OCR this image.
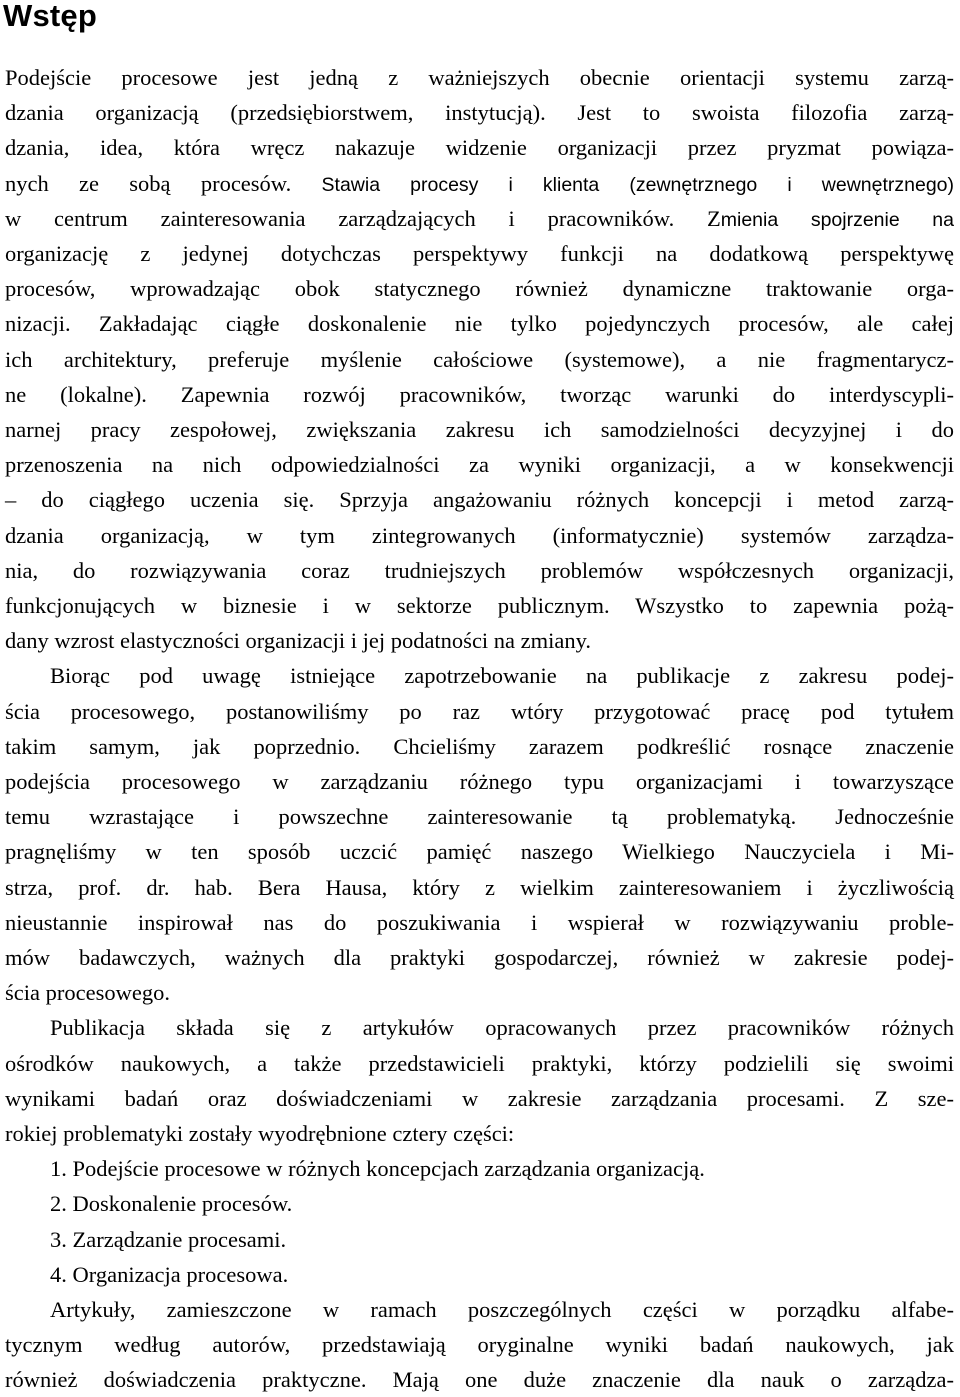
Wstęp
Podejście procesowe jest jedną z ważniejszych obecnie orientacji systemu zarzą-
dzania organizacją (przedsiębiorstwem, instytucją). Jest to swoista filozofia zarzą-
dzania, idea, która wręcz nakazuje widzenie organizacji przez pryzmat powiąza-
nych ze sobą procesów. Stawia procesy i klienta (zewnętrznego i wewnętrznego)
w centrum zainteresowania zarządzających i pracowników. Zmienia spojrzenie na
organizację z jedynej dotychczas perspektywy funkcji na dodatkową perspektywę
procesów, wprowadzając obok statycznego również dynamiczne traktowanie orga-
nizacji. Zakładając ciągłe doskonalenie nie tylko pojedynczych procesów, ale całej
ich architektury, preferuje myślenie całościowe (systemowe), a nie fragmentarycz-
ne (lokalne). Zapewnia rozwój pracowników, tworząc warunki do interdyscypli-
narnej pracy zespołowej, zwiększania zakresu ich samodzielności decyzyjnej i do
przenoszenia na nich odpowiedzialności za wyniki organizacji, a w konsekwencji
– do ciągłego uczenia się. Sprzyja angażowaniu różnych koncepcji i metod zarzą-
dzania organizacją, w tym zintegrowanych (informatycznie) systemów zarządza-
nia, do rozwiązywania coraz trudniejszych problemów współczesnych organizacji,
funkcjonujących w biznesie i w sektorze publicznym. Wszystko to zapewnia pożą-
dany wzrost elastyczności organizacji i jej podatności na zmiany.
Biorąc pod uwagę istniejące zapotrzebowanie na publikacje z zakresu podej-
ścia procesowego, postanowiliśmy po raz wtóry przygotować pracę pod tytułem
takim samym, jak poprzednio. Chcieliśmy zarazem podkreślić rosnące znaczenie
podejścia procesowego w zarządzaniu różnego typu organizacjami i towarzyszące
temu wzrastające i powszechne zainteresowanie tą problematyką. Jednocześnie
pragnęliśmy w ten sposób uczcić pamięć naszego Wielkiego Nauczyciela i Mi-
strza, prof. dr. hab. Bera Hausa, który z wielkim zainteresowaniem i życzliwością
nieustannie inspirował nas do poszukiwania i wspierał w rozwiązywaniu proble-
mów badawczych, ważnych dla praktyki gospodarczej, również w zakresie podej-
ścia procesowego.
Publikacja składa się z artykułów opracowanych przez pracowników różnych
ośrodków naukowych, a także przedstawicieli praktyki, którzy podzielili się swoimi
wynikami badań oraz doświadczeniami w zakresie zarządzania procesami. Z sze-
rokiej problematyki zostały wyodrębnione cztery części:
1. Podejście procesowe w różnych koncepcjach zarządzania organizacją.
2. Doskonalenie procesów.
3. Zarządzanie procesami.
4. Organizacja procesowa.
Artykuły, zamieszczone w ramach poszczególnych części w porządku alfabe-
tycznym według autorów, przedstawiają oryginalne wyniki badań naukowych, jak
również doświadczenia praktyczne. Mają one duże znaczenie dla nauk o zarządza-
